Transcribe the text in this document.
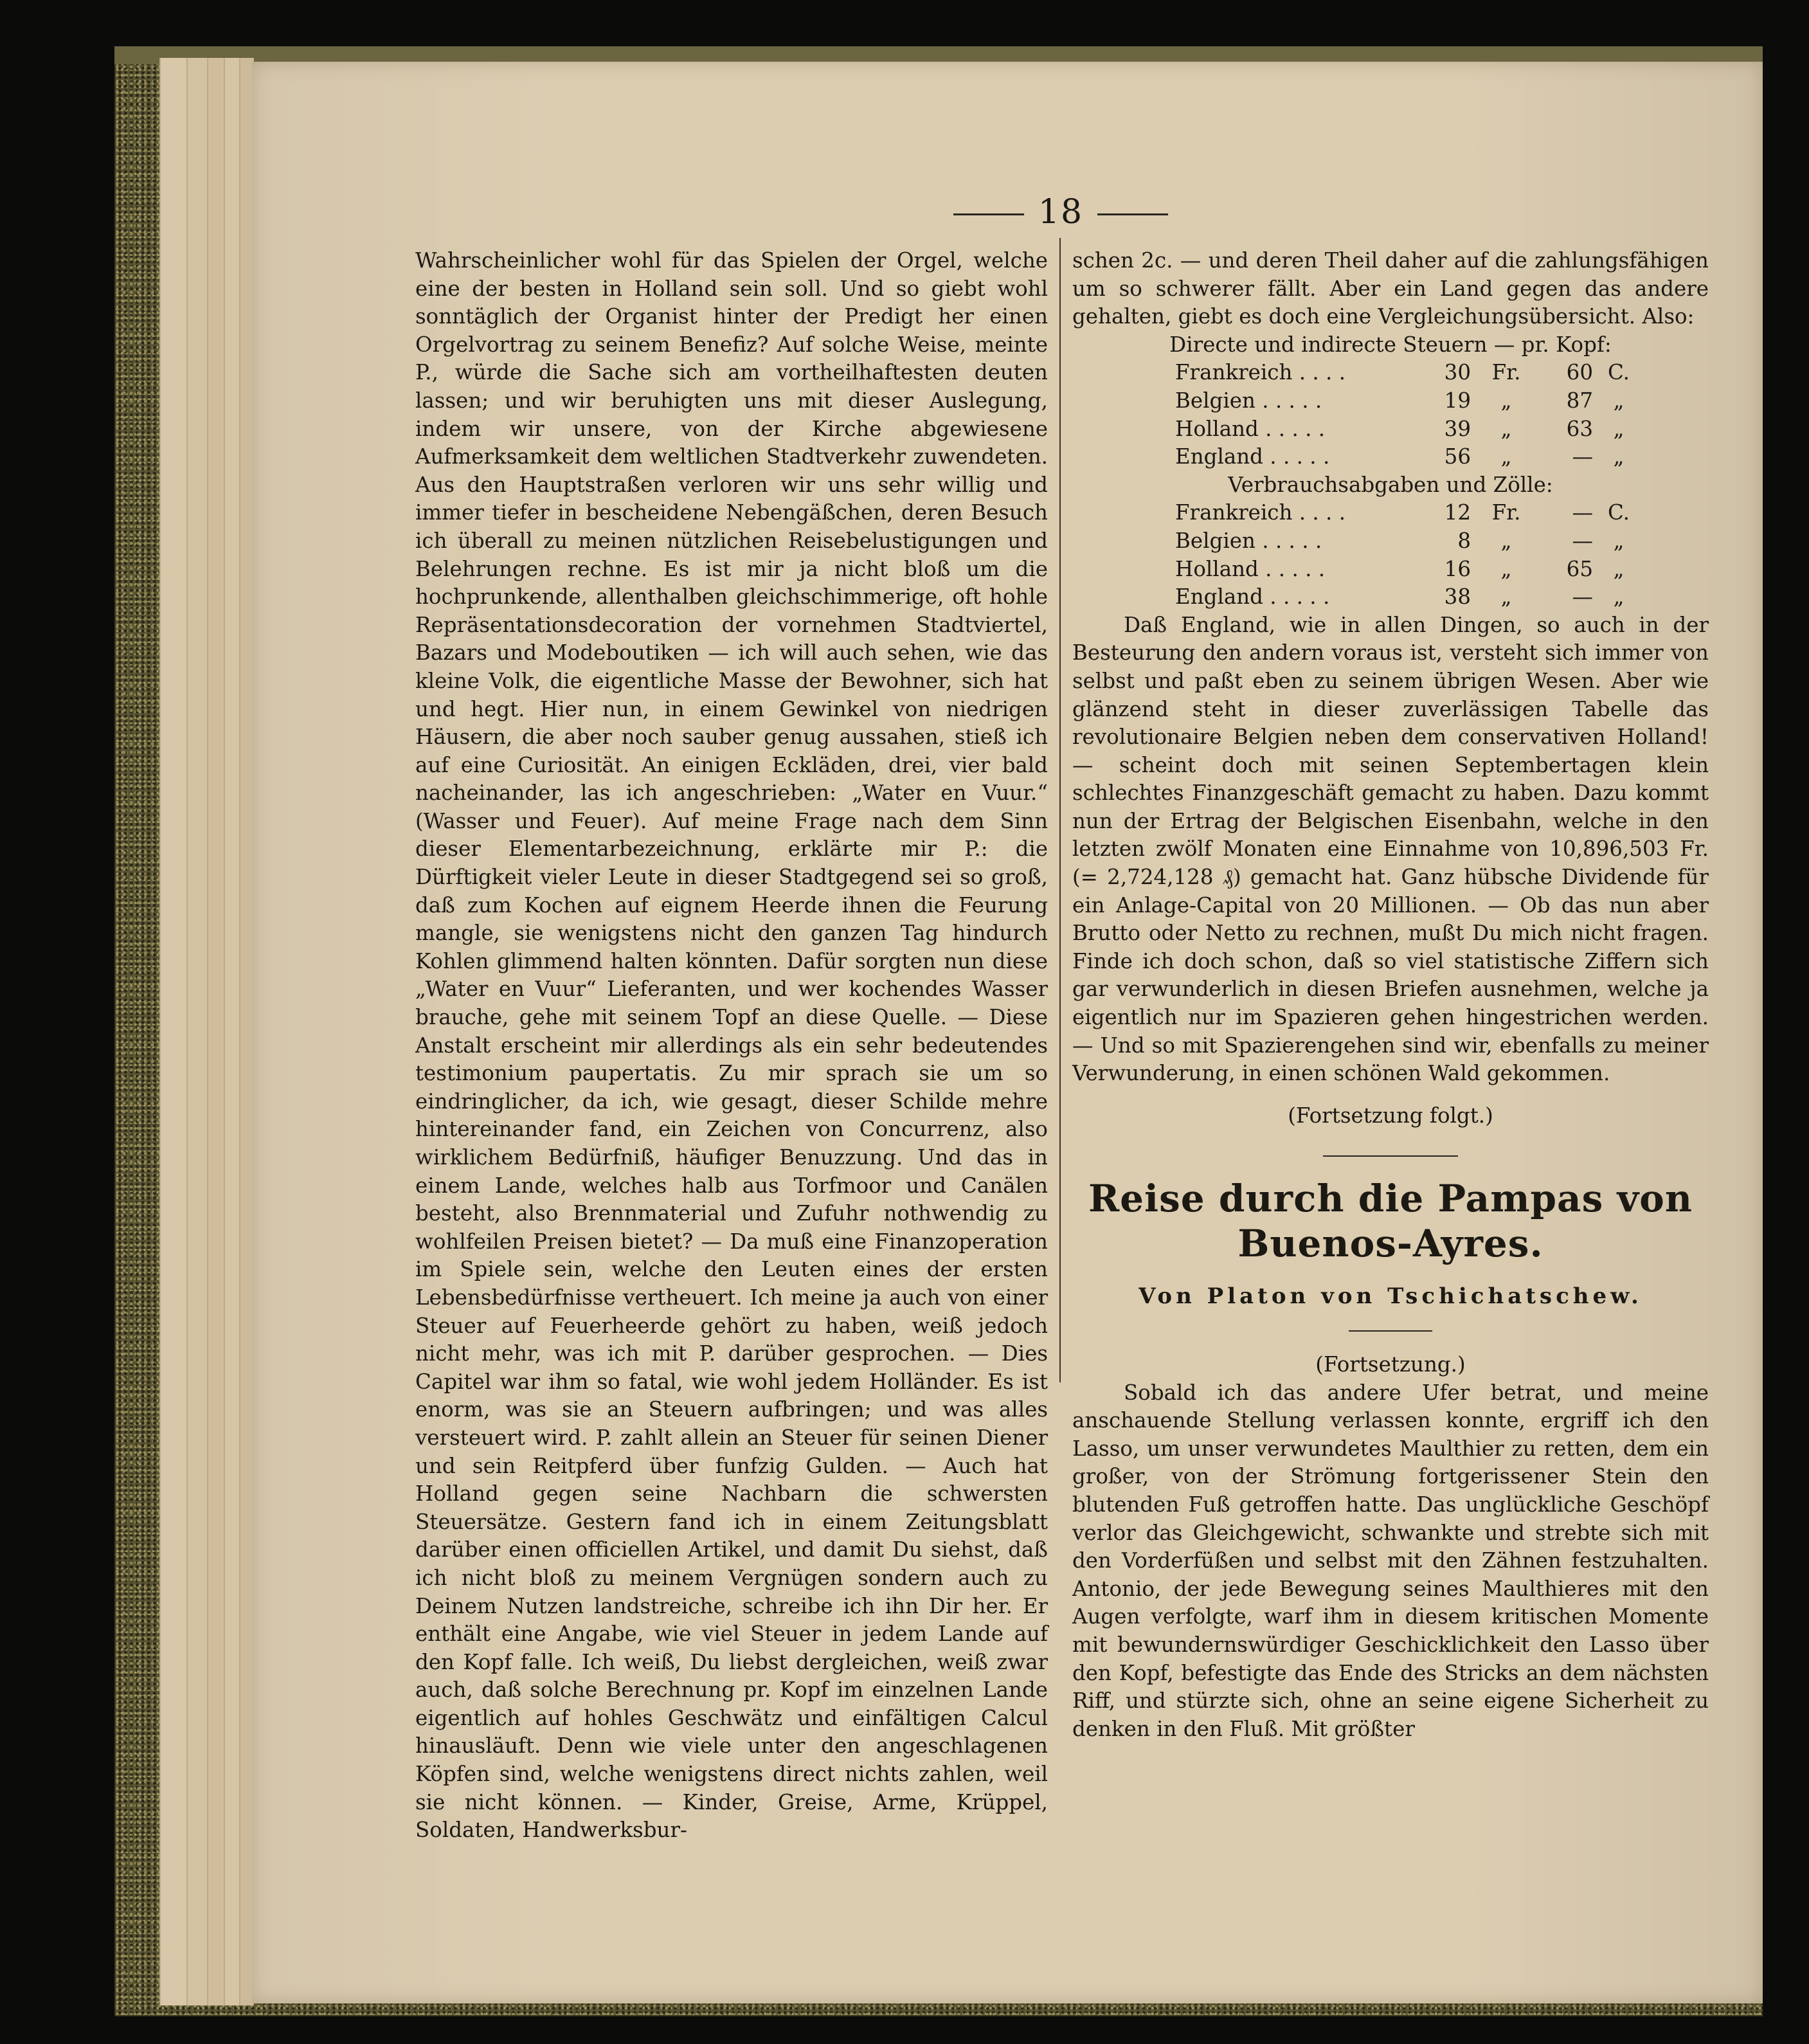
18

Wahrscheinlicher wohl für das Spielen der Orgel, welche eine der besten in Holland sein soll. Und so giebt wohl sonntäglich der Organist hinter der Predigt her einen Orgelvortrag zu seinem Benefiz? Auf solche Weise, meinte P., würde die Sache sich am vortheilhaftesten deuten lassen; und wir beruhigten uns mit dieser Auslegung, indem wir unsere, von der Kirche abgewiesene Aufmerksamkeit dem weltlichen Stadtverkehr zuwendeten. Aus den Hauptstraßen verloren wir uns sehr willig und immer tiefer in bescheidene Nebengäßchen, deren Besuch ich überall zu meinen nützlichen Reisebelustigungen und Belehrungen rechne. Es ist mir ja nicht bloß um die hochprunkende, allenthalben gleichschimmerige, oft hohle Repräsentationsdecoration der vornehmen Stadtviertel, Bazars und Modeboutiken — ich will auch sehen, wie das kleine Volk, die eigentliche Masse der Bewohner, sich hat und hegt. Hier nun, in einem Gewinkel von niedrigen Häusern, die aber noch sauber genug aussahen, stieß ich auf eine Curiosität. An einigen Eckläden, drei, vier bald nacheinander, las ich angeschrieben: „Water en Vuur.“ (Wasser und Feuer). Auf meine Frage nach dem Sinn dieser Elementarbezeichnung, erklärte mir P.: die Dürftigkeit vieler Leute in dieser Stadtgegend sei so groß, daß zum Kochen auf eignem Heerde ihnen die Feurung mangle, sie wenigstens nicht den ganzen Tag hindurch Kohlen glimmend halten könnten. Dafür sorgten nun diese „Water en Vuur“ Lieferanten, und wer kochendes Wasser brauche, gehe mit seinem Topf an diese Quelle. — Diese Anstalt erscheint mir allerdings als ein sehr bedeutendes testimonium paupertatis. Zu mir sprach sie um so eindringlicher, da ich, wie gesagt, dieser Schilde mehre hintereinander fand, ein Zeichen von Concurrenz, also wirklichem Bedürfniß, häufiger Benuzzung. Und das in einem Lande, welches halb aus Torfmoor und Canälen besteht, also Brennmaterial und Zufuhr nothwendig zu wohlfeilen Preisen bietet? — Da muß eine Finanzoperation im Spiele sein, welche den Leuten eines der ersten Lebensbedürfnisse vertheuert. Ich meine ja auch von einer Steuer auf Feuerheerde gehört zu haben, weiß jedoch nicht mehr, was ich mit P. darüber gesprochen. — Dies Capitel war ihm so fatal, wie wohl jedem Holländer. Es ist enorm, was sie an Steuern aufbringen; und was alles versteuert wird. P. zahlt allein an Steuer für seinen Diener und sein Reitpferd über funfzig Gulden. — Auch hat Holland gegen seine Nachbarn die schwersten Steuersätze. Gestern fand ich in einem Zeitungsblatt darüber einen officiellen Artikel, und damit Du siehst, daß ich nicht bloß zu meinem Vergnügen sondern auch zu Deinem Nutzen landstreiche, schreibe ich ihn Dir her. Er enthält eine Angabe, wie viel Steuer in jedem Lande auf den Kopf falle. Ich weiß, Du liebst dergleichen, weiß zwar auch, daß solche Berechnung pr. Kopf im einzelnen Lande eigentlich auf hohles Geschwätz und einfältigen Calcul hinausläuft. Denn wie viele unter den angeschlagenen Köpfen sind, welche wenigstens direct nichts zahlen, weil sie nicht können. — Kinder, Greise, Arme, Krüppel, Soldaten, Handwerksbur-

schen 2c. — und deren Theil daher auf die zahlungsfähigen um so schwerer fällt. Aber ein Land gegen das andere gehalten, giebt es doch eine Vergleichungsübersicht. Also:

Directe und indirecte Steuern — pr. Kopf:

Frankreich . . . .	30	Fr.	60 C.
Belgien . . . . .	19	„	87 „
Holland . . . . .	39	„	63 „
England . . . . .	56	„	— „

Verbrauchsabgaben und Zölle:

Frankreich . . . .	12	Fr.	— C.
Belgien . . . . .	8	„	— „
Holland . . . . .	16	„	65 „
England . . . . .	38	„	— „

Daß England, wie in allen Dingen, so auch in der Besteurung den andern voraus ist, versteht sich immer von selbst und paßt eben zu seinem übrigen Wesen. Aber wie glänzend steht in dieser zuverlässigen Tabelle das revolutionaire Belgien neben dem conservativen Holland! — scheint doch mit seinen Septembertagen klein schlechtes Finanzgeschäft gemacht zu haben. Dazu kommt nun der Ertrag der Belgischen Eisenbahn, welche in den letzten zwölf Monaten eine Einnahme von 10,896,503 Fr. (= 2,724,128 ₰) gemacht hat. Ganz hübsche Dividende für ein Anlage-Capital von 20 Millionen. — Ob das nun aber Brutto oder Netto zu rechnen, mußt Du mich nicht fragen. Finde ich doch schon, daß so viel statistische Ziffern sich gar verwunderlich in diesen Briefen ausnehmen, welche ja eigentlich nur im Spazieren gehen hingestrichen werden. — Und so mit Spazierengehen sind wir, ebenfalls zu meiner Verwunderung, in einen schönen Wald gekommen.

(Fortsetzung folgt.)

Reise durch die Pampas von Buenos-Ayres.
Von Platon von Tschichatschew.

(Fortsetzung.)

Sobald ich das andere Ufer betrat, und meine anschauende Stellung verlassen konnte, ergriff ich den Lasso, um unser verwundetes Maulthier zu retten, dem ein großer, von der Strömung fortgerissener Stein den blutenden Fuß getroffen hatte. Das unglückliche Geschöpf verlor das Gleichgewicht, schwankte und strebte sich mit den Vorderfüßen und selbst mit den Zähnen festzuhalten. Antonio, der jede Bewegung seines Maulthieres mit den Augen verfolgte, warf ihm in diesem kritischen Momente mit bewundernswürdiger Geschicklichkeit den Lasso über den Kopf, befestigte das Ende des Stricks an dem nächsten Riff, und stürzte sich, ohne an seine eigene Sicherheit zu denken in den Fluß. Mit größter
